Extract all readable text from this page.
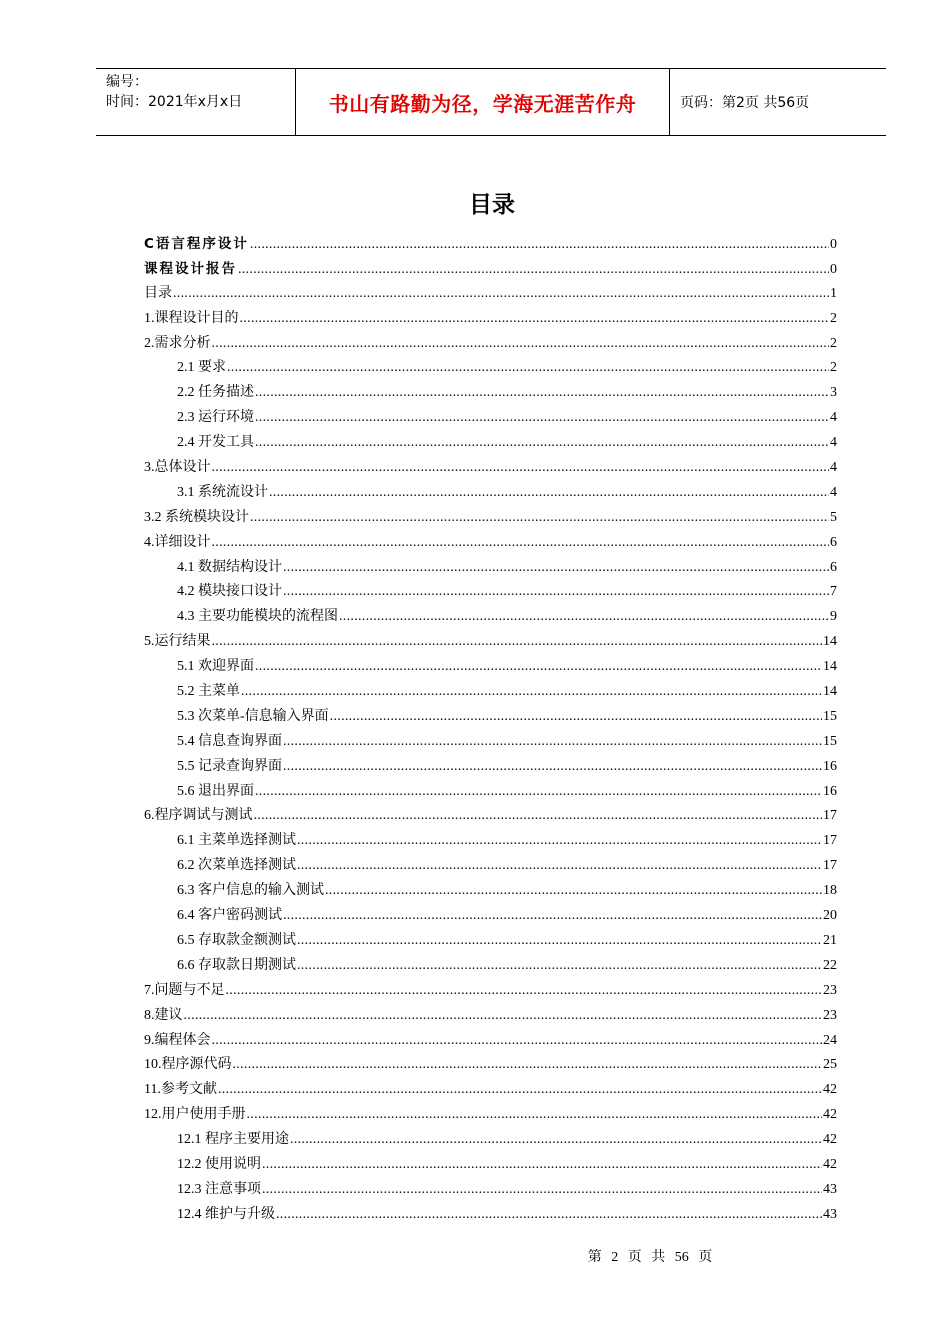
编号：
时间：2021年x月x日	书山有路勤为径，学海无涯苦作舟	页码：第2页 共56页
目录
C语言程序设计 .....	0
课程设计报告 .....	0
目录 .....	1
1.课程设计目的 .....	2
2.需求分析 .....	2
2.1 要求 .....	2
2.2 任务描述 .....	3
2.3 运行环境 .....	4
2.4 开发工具 .....	4
3.总体设计 .....	4
3.1 系统流设计 .....	4
3.2 系统模块设计 .....	5
4.详细设计 .....	6
4.1 数据结构设计 .....	6
4.2 模块接口设计 .....	7
4.3 主要功能模块的流程图 .....	9
5.运行结果 .....	14
5.1 欢迎界面 .....	14
5.2 主菜单 .....	14
5.3 次菜单-信息输入界面 .....	15
5.4 信息查询界面 .....	15
5.5 记录查询界面 .....	16
5.6 退出界面 .....	16
6.程序调试与测试 .....	17
6.1 主菜单选择测试 .....	17
6.2 次菜单选择测试 .....	17
6.3 客户信息的输入测试 .....	18
6.4 客户密码测试 .....	20
6.5 存取款金额测试 .....	21
6.6 存取款日期测试 .....	22
7.问题与不足 .....	23
8.建议 .....	23
9.编程体会 .....	24
10.程序源代码 .....	25
11.参考文献 .....	42
12.用户使用手册 .....	42
12.1 程序主要用途 .....	42
12.2 使用说明 .....	42
12.3 注意事项 .....	43
12.4 维护与升级 .....	43
第 2 页 共 56 页
